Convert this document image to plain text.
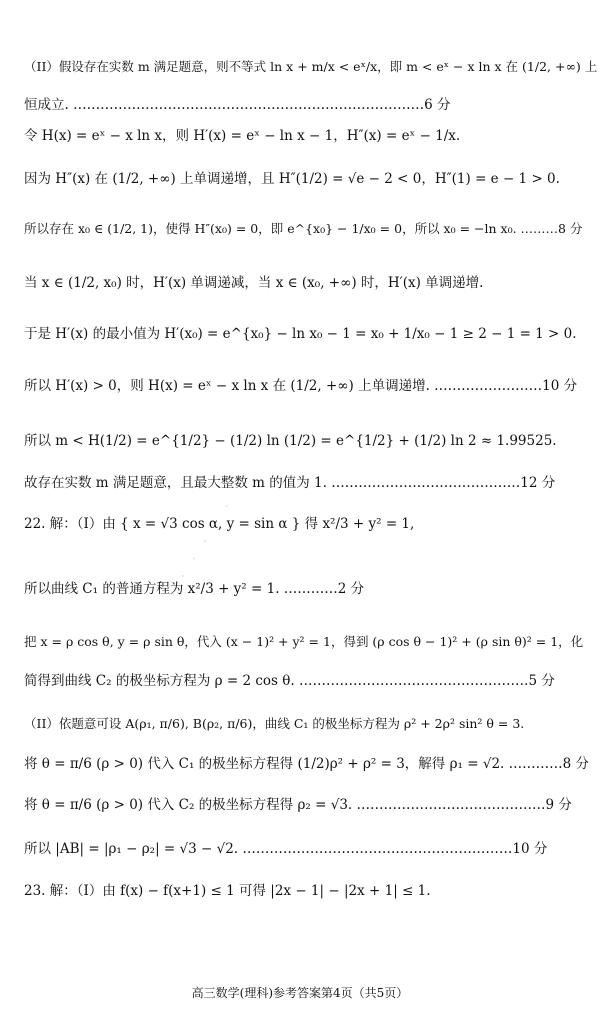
· · · · · ·
（II）假设存在实数 m 满足题意，则不等式 ln x + m/x < eˣ/x，即 m < eˣ − x ln x 在 (1/2, +∞) 上
恒成立. ……………………………………………………………………6 分
令 H(x) = eˣ − x ln x，则 H′(x) = eˣ − ln x − 1，H″(x) = eˣ − 1/x.
因为 H″(x) 在 (1/2, +∞) 上单调递增，且 H″(1/2) = √e − 2 < 0，H″(1) = e − 1 > 0.
所以存在 x₀ ∈ (1/2, 1)，使得 H″(x₀) = 0，即 e^{x₀} − 1/x₀ = 0，所以 x₀ = −ln x₀. ………8 分
当 x ∈ (1/2, x₀) 时，H′(x) 单调递减，当 x ∈ (x₀, +∞) 时，H′(x) 单调递增.
于是 H′(x) 的最小值为 H′(x₀) = e^{x₀} − ln x₀ − 1 = x₀ + 1/x₀ − 1 ≥ 2 − 1 = 1 > 0.
所以 H′(x) > 0，则 H(x) = eˣ − x ln x 在 (1/2, +∞) 上单调递增. ……………………10 分
所以 m < H(1/2) = e^{1/2} − (1/2) ln (1/2) = e^{1/2} + (1/2) ln 2 ≈ 1.99525.
故存在实数 m 满足题意，且最大整数 m 的值为 1. ……………………………………12 分
22. 解：（I）由 { x = √3 cos α, y = sin α } 得 x²/3 + y² = 1,
所以曲线 C₁ 的普通方程为 x²/3 + y² = 1. …………2 分
把 x = ρ cos θ, y = ρ sin θ，代入 (x − 1)² + y² = 1，得到 (ρ cos θ − 1)² + (ρ sin θ)² = 1，化
简得到曲线 C₂ 的极坐标方程为 ρ = 2 cos θ. ……………………………………………5 分
（II）依题意可设 A(ρ₁, π/6), B(ρ₂, π/6)，曲线 C₁ 的极坐标方程为 ρ² + 2ρ² sin² θ = 3.
将 θ = π/6 (ρ > 0) 代入 C₁ 的极坐标方程得 (1/2)ρ² + ρ² = 3，解得 ρ₁ = √2. …………8 分
将 θ = π/6 (ρ > 0) 代入 C₂ 的极坐标方程得 ρ₂ = √3. ……………………………………9 分
所以 |AB| = |ρ₁ − ρ₂| = √3 − √2. ……………………………………………………10 分
23. 解：（I）由 f(x) − f(x+1) ≤ 1 可得 |2x − 1| − |2x + 1| ≤ 1.
高三数学(理科)参考答案第4页（共5页）
